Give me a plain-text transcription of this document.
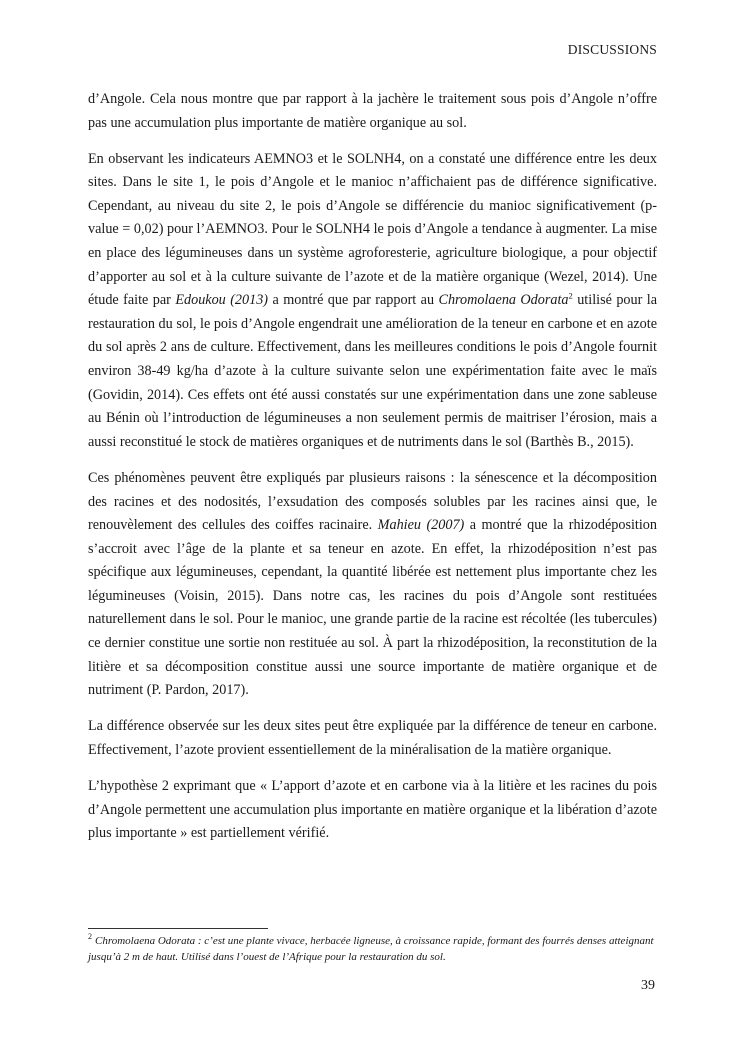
DISCUSSIONS

d’Angole. Cela nous montre que par rapport à la jachère le traitement sous pois d’Angole n’offre pas une accumulation plus importante de matière organique au sol.

En observant les indicateurs AEMNO3 et le SOLNH4, on a constaté une différence entre les deux sites. Dans le site 1, le pois d’Angole et le manioc n’affichaient pas de différence significative. Cependant, au niveau du site 2, le pois d’Angole se différencie du manioc significativement (p-value = 0,02) pour l’AEMNO3. Pour le SOLNH4 le pois d’Angole a tendance à augmenter. La mise en place des légumineuses dans un système agroforesterie, agriculture biologique, a pour objectif d’apporter au sol et à la culture suivante de l’azote et de la matière organique (Wezel, 2014). Une étude faite par Edoukou (2013) a montré que par rapport au Chromolaena Odorata$^2$ utilisé pour la restauration du sol, le pois d’Angole engendrait une amélioration de la teneur en carbone et en azote du sol après 2 ans de culture. Effectivement, dans les meilleures conditions le pois d’Angole fournit environ 38-49 kg/ha d’azote à la culture suivante selon une expérimentation faite avec le maïs (Govidin, 2014). Ces effets ont été aussi constatés sur une expérimentation dans une zone sableuse au Bénin où l’introduction de légumineuses a non seulement permis de maitriser l’érosion, mais a aussi reconstitué le stock de matières organiques et de nutriments dans le sol (Barthès B., 2015).

Ces phénomènes peuvent être expliqués par plusieurs raisons : la sénescence et la décomposition des racines et des nodosités, l’exsudation des composés solubles par les racines ainsi que, le renouvèlement des cellules des coiffes racinaire. Mahieu (2007) a montré que la rhizodéposition s’accroit avec l’âge de la plante et sa teneur en azote. En effet, la rhizodéposition n’est pas spécifique aux légumineuses, cependant, la quantité libérée est nettement plus importante chez les légumineuses (Voisin, 2015). Dans notre cas, les racines du pois d’Angole sont restituées naturellement dans le sol. Pour le manioc, une grande partie de la racine est récoltée (les tubercules) ce dernier constitue une sortie non restituée au sol. À part la rhizodéposition, la reconstitution de la litière et sa décomposition constitue aussi une source importante de matière organique et de nutriment (P. Pardon, 2017).

La différence observée sur les deux sites peut être expliquée par la différence de teneur en carbone. Effectivement, l’azote provient essentiellement de la minéralisation de la matière organique.

L’hypothèse 2 exprimant que « L’apport d’azote et en carbone via à la litière et les racines du pois d’Angole permettent une accumulation plus importante en matière organique et la libération d’azote plus importante » est partiellement vérifié.

$^2$ Chromolaena Odorata : c’est une plante vivace, herbacée ligneuse, à croissance rapide, formant des fourrés denses atteignant jusqu’à 2 m de haut. Utilisé dans l’ouest de l’Afrique pour la restauration du sol.
39
